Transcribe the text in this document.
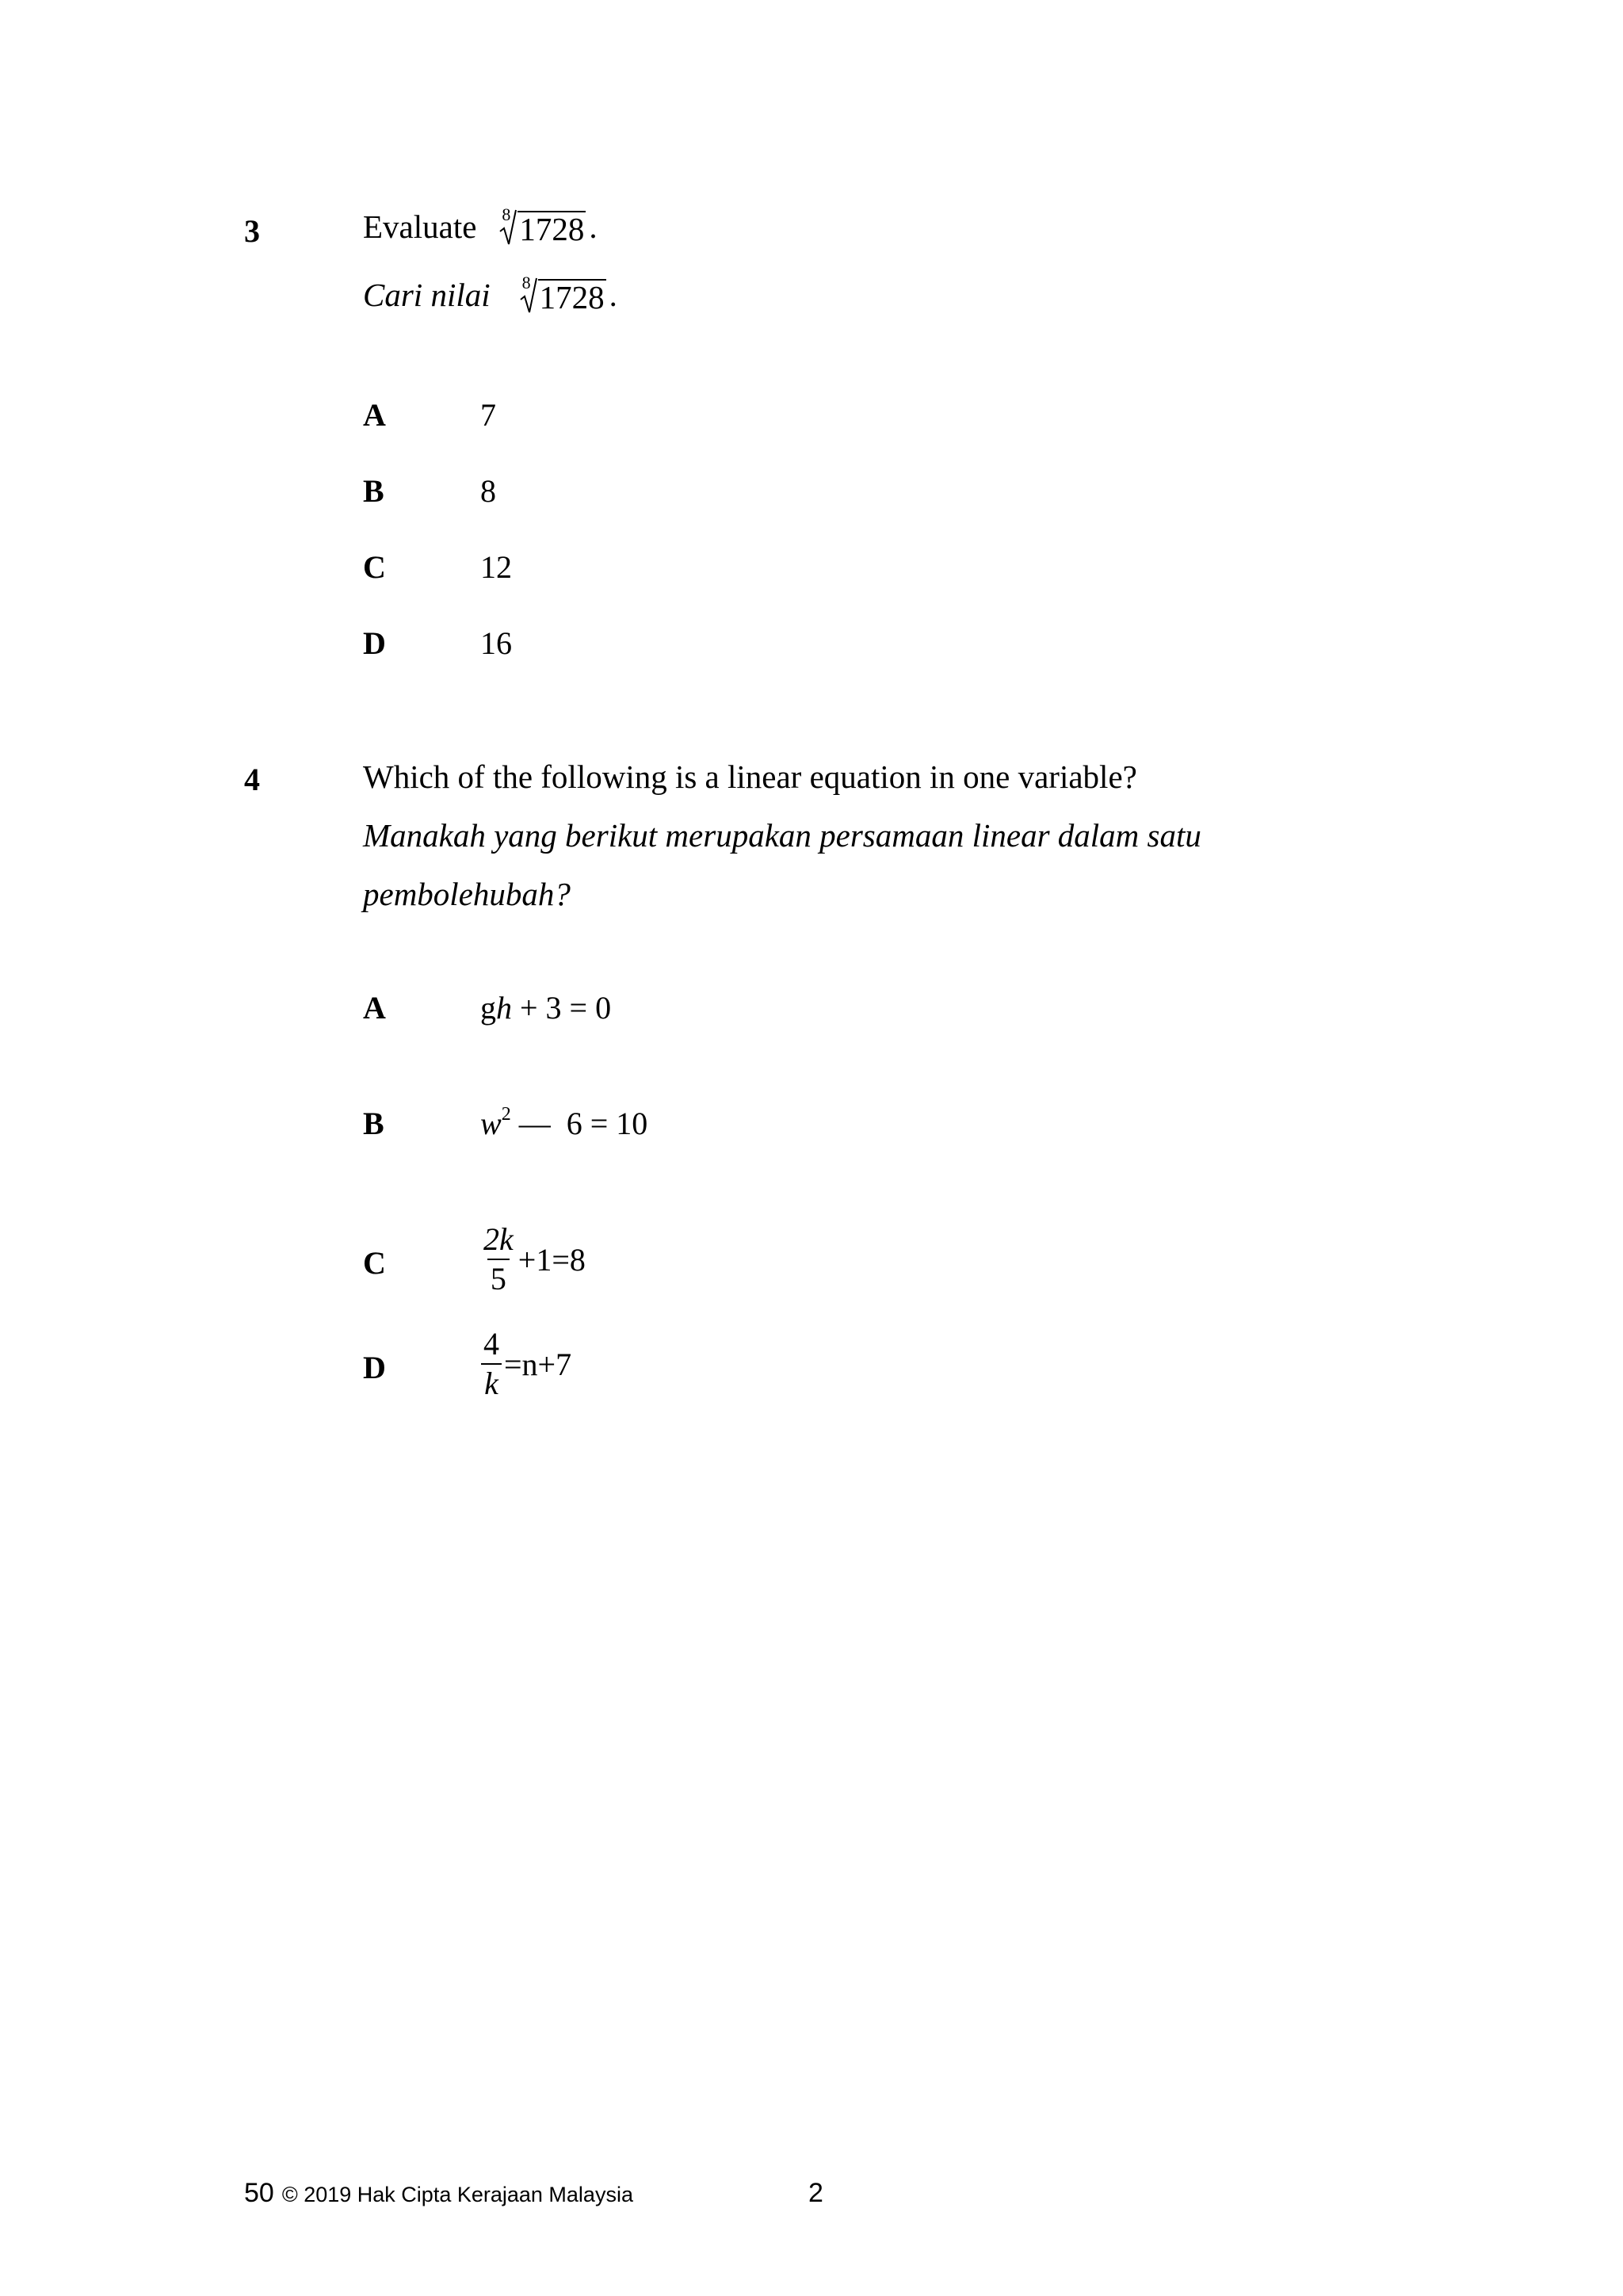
3	Evaluate 8 1728 .
Cari nilai 8 1728 .
A	7
B	8
C	12
D	16
4	Which of the following is a linear equation in one variable?
Manakah yang berikut merupakan persamaan linear dalam satu
pembolehubah?
A	gh + 3 = 0
B	$w^2$ —  6 = 10
C	$\frac{2k}{5} +1=8$
D	$\frac{4}{k} =n+7$
50 © 2019 Hak Cipta Kerajaan Malaysia	2
